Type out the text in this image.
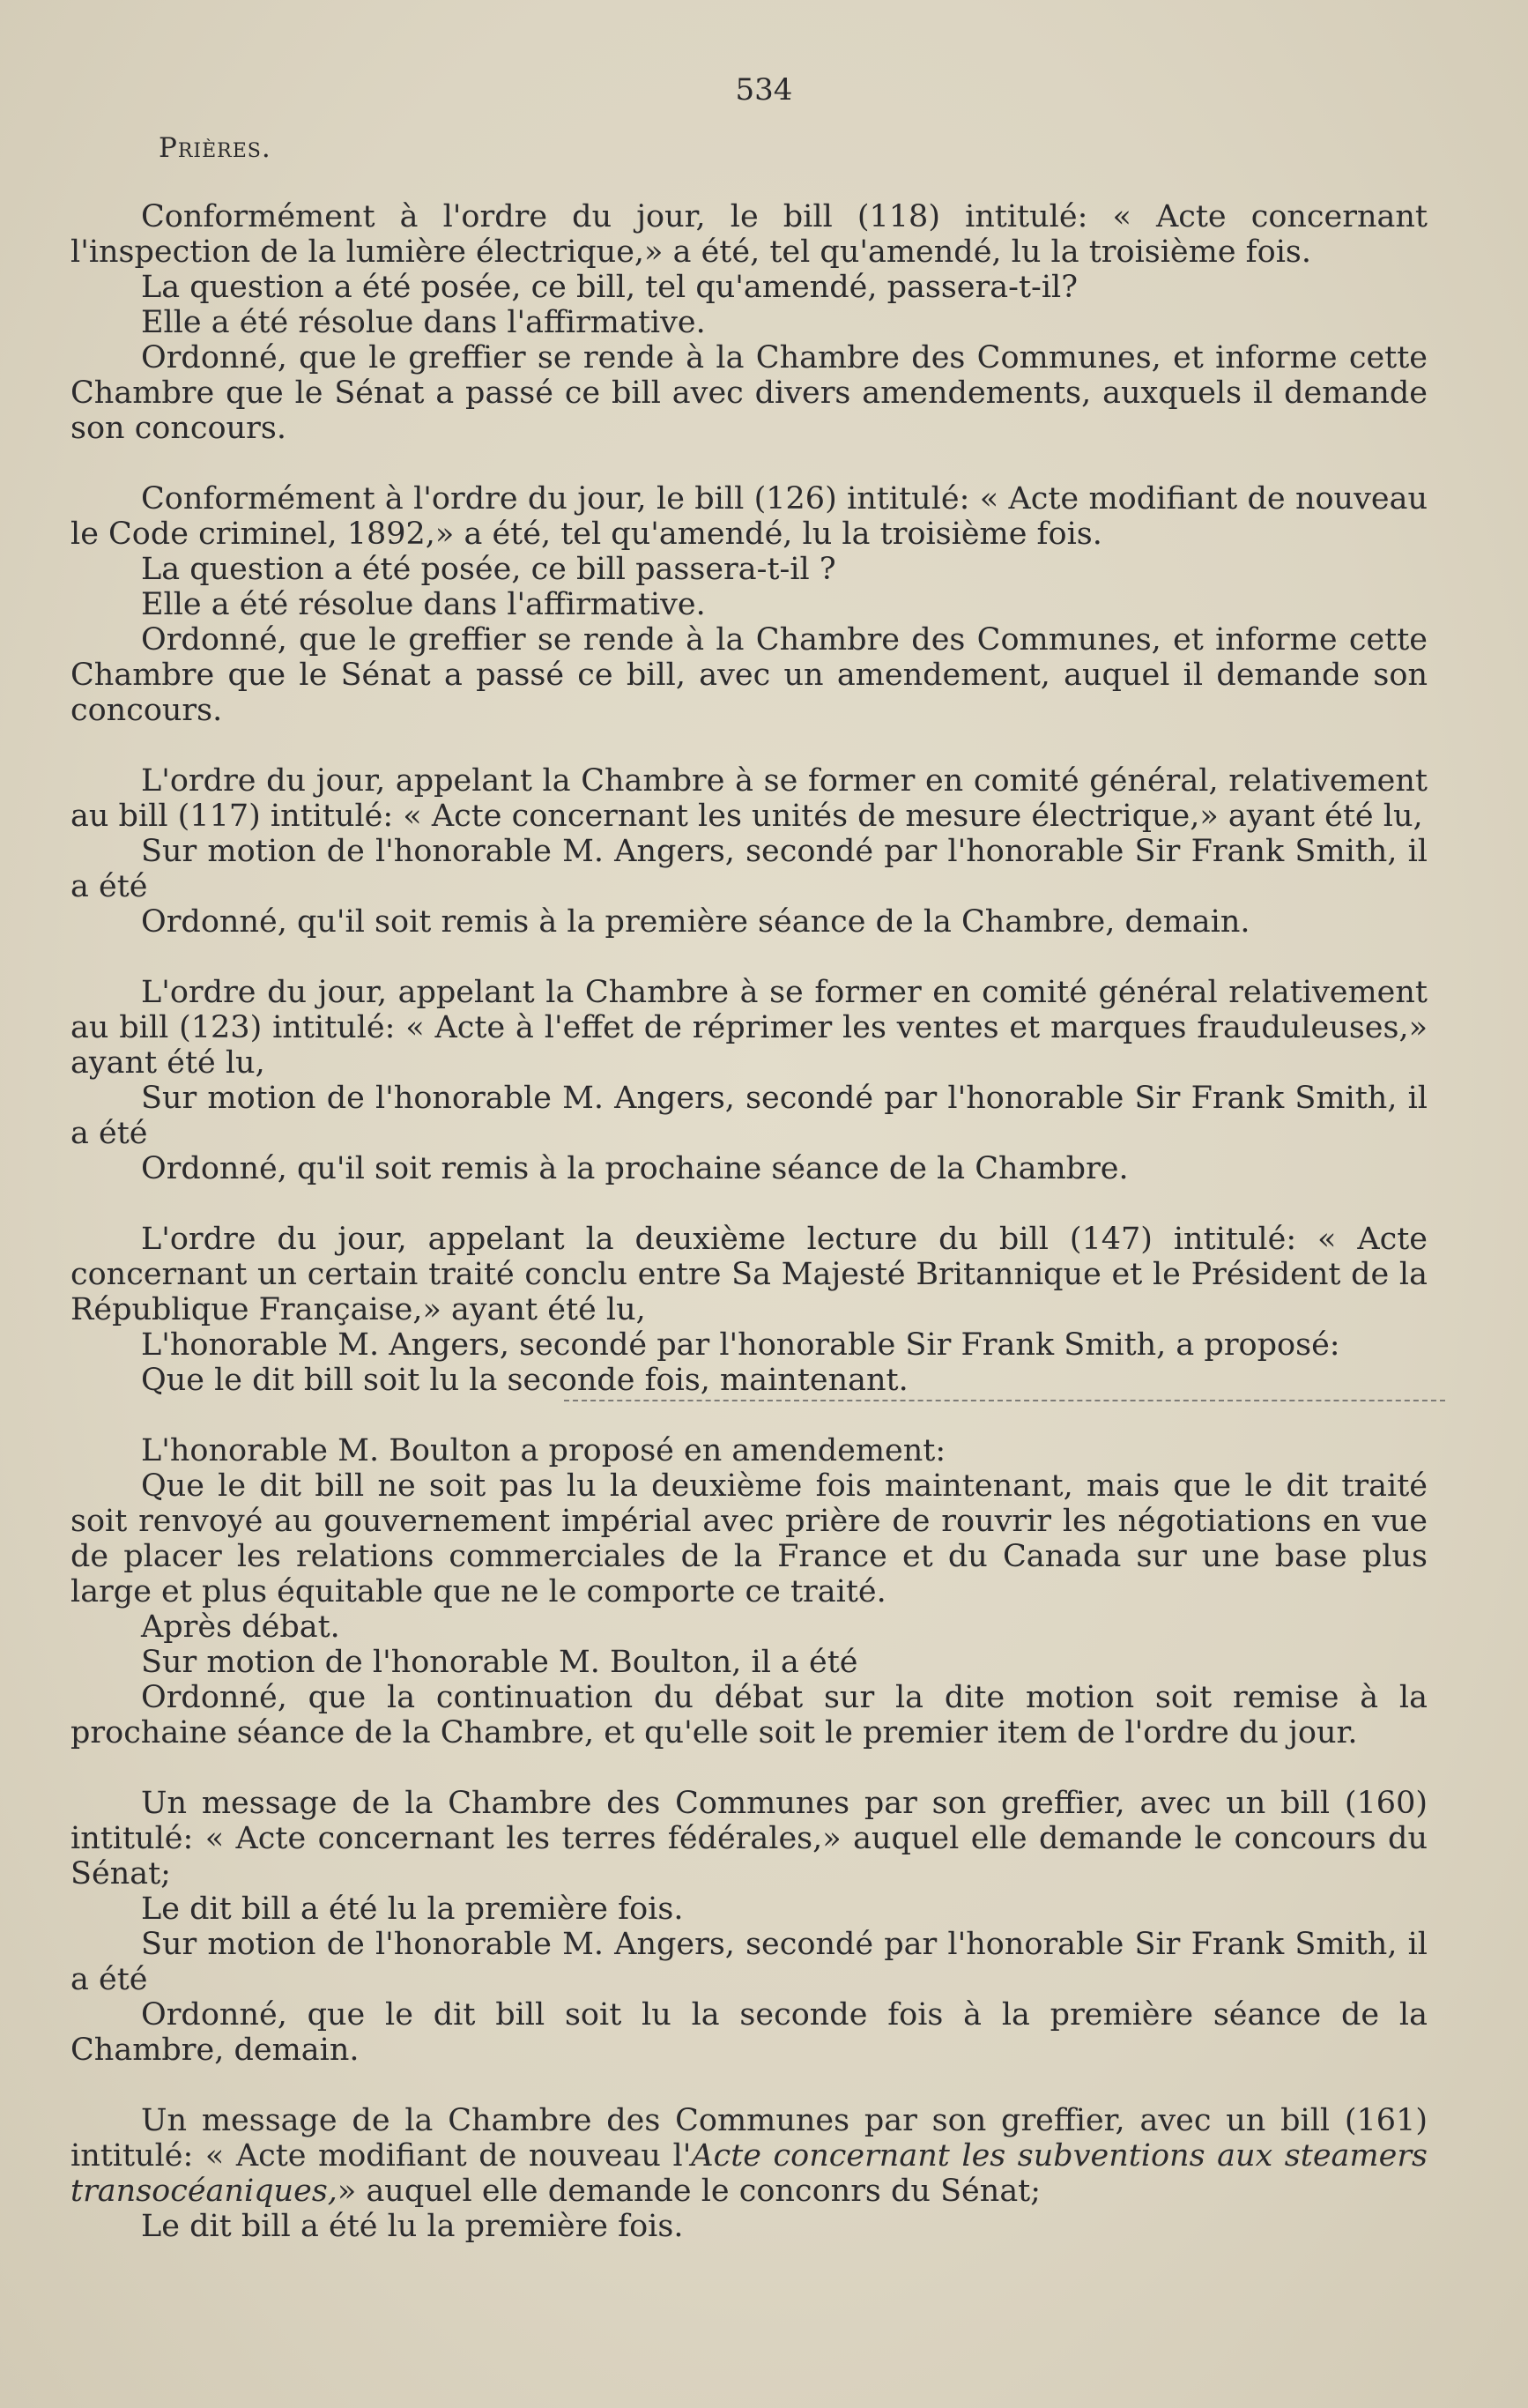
534
Prières.

Conformément à l'ordre du jour, le bill (118) intitulé: « Acte concernant l'inspection de la lumière électrique,» a été, tel qu'amendé, lu la troisième fois.

La question a été posée, ce bill, tel qu'amendé, passera-t-il?

Elle a été résolue dans l'affirmative.

Ordonné, que le greffier se rende à la Chambre des Communes, et informe cette Chambre que le Sénat a passé ce bill avec divers amendements, auxquels il demande son concours.

Conformément à l'ordre du jour, le bill (126) intitulé: « Acte modifiant de nouveau le Code criminel, 1892,» a été, tel qu'amendé, lu la troisième fois.

La question a été posée, ce bill passera-t-il ?

Elle a été résolue dans l'affirmative.

Ordonné, que le greffier se rende à la Chambre des Communes, et informe cette Chambre que le Sénat a passé ce bill, avec un amendement, auquel il demande son concours.

L'ordre du jour, appelant la Chambre à se former en comité général, relativement au bill (117) intitulé: « Acte concernant les unités de mesure électrique,» ayant été lu,

Sur motion de l'honorable M. Angers, secondé par l'honorable Sir Frank Smith, il a été

Ordonné, qu'il soit remis à la première séance de la Chambre, demain.

L'ordre du jour, appelant la Chambre à se former en comité général relativement au bill (123) intitulé: « Acte à l'effet de réprimer les ventes et marques frauduleuses,» ayant été lu,

Sur motion de l'honorable M. Angers, secondé par l'honorable Sir Frank Smith, il a été

Ordonné, qu'il soit remis à la prochaine séance de la Chambre.

L'ordre du jour, appelant la deuxième lecture du bill (147) intitulé: « Acte concernant un certain traité conclu entre Sa Majesté Britannique et le Président de la République Française,» ayant été lu,

L'honorable M. Angers, secondé par l'honorable Sir Frank Smith, a proposé:

Que le dit bill soit lu la seconde fois, maintenant.

L'honorable M. Boulton a proposé en amendement:

Que le dit bill ne soit pas lu la deuxième fois maintenant, mais que le dit traité soit renvoyé au gouvernement impérial avec prière de rouvrir les négotiations en vue de placer les relations commerciales de la France et du Canada sur une base plus large et plus équitable que ne le comporte ce traité.

Après débat.

Sur motion de l'honorable M. Boulton, il a été

Ordonné, que la continuation du débat sur la dite motion soit remise à la prochaine séance de la Chambre, et qu'elle soit le premier item de l'ordre du jour.

Un message de la Chambre des Communes par son greffier, avec un bill (160) intitulé: « Acte concernant les terres fédérales,» auquel elle demande le concours du Sénat;

Le dit bill a été lu la première fois.

Sur motion de l'honorable M. Angers, secondé par l'honorable Sir Frank Smith, il a été

Ordonné, que le dit bill soit lu la seconde fois à la première séance de la Chambre, demain.

Un message de la Chambre des Communes par son greffier, avec un bill (161) intitulé: « Acte modifiant de nouveau l'Acte concernant les subventions aux steamers transocéaniques,» auquel elle demande le conconrs du Sénat;

Le dit bill a été lu la première fois.
